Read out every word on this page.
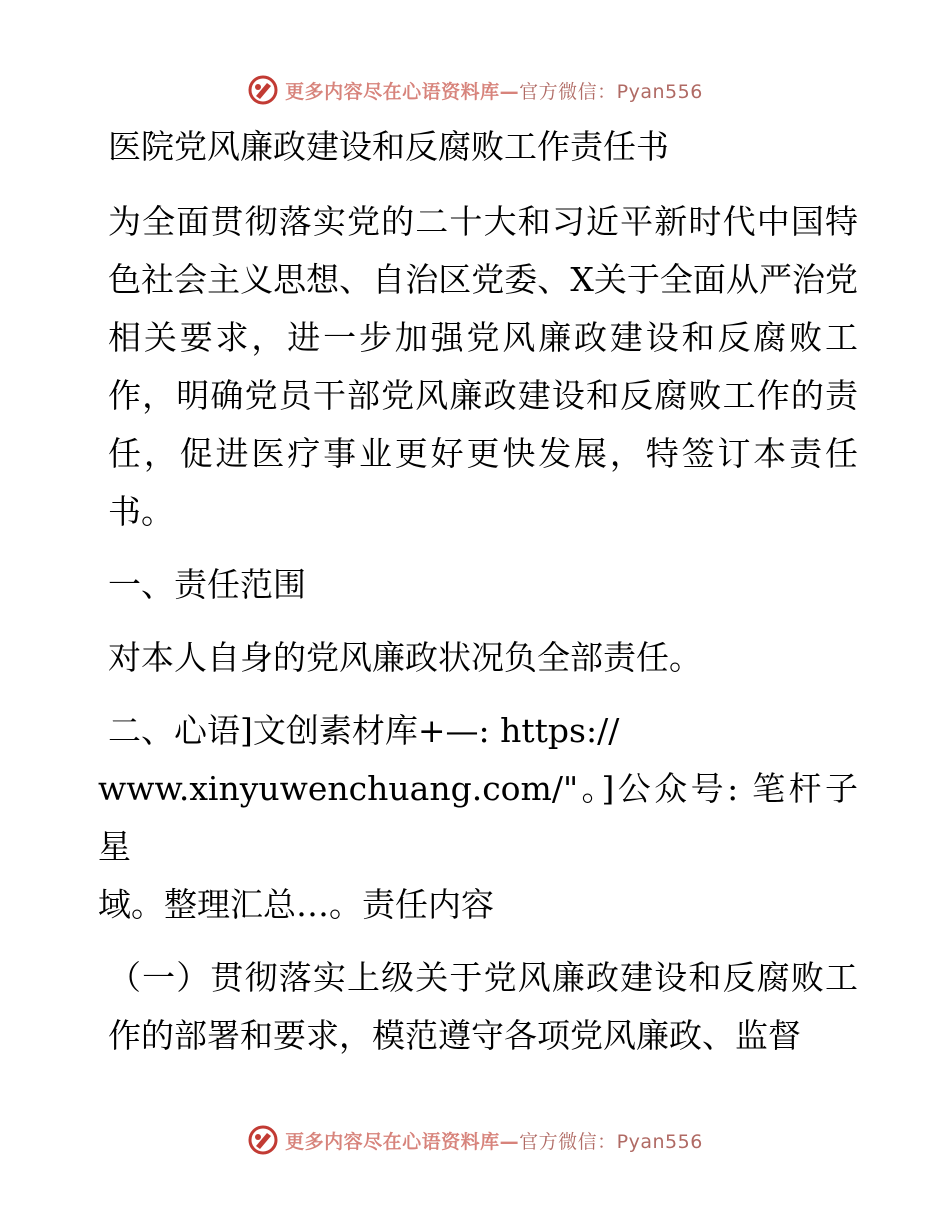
更多内容尽在心语资料库—官方微信：Pyan556
医院党风廉政建设和反腐败工作责任书

为全面贯彻落实党的二十大和习近平新时代中国特色社会主义思想、自治区党委、X关于全面从严治党相关要求，进一步加强党风廉政建设和反腐败工作，明确党员干部党风廉政建设和反腐败工作的责任，促进医疗事业更好更快发展，特签订本责任书。

一、责任范围

对本人自身的党风廉政状况负全部责任。

二、心语]文创素材库+—: https://
www.xinyuwenchuang.com/"。]公众号: 笔杆子星
域。整理汇总…。责任内容

（一）贯彻落实上级关于党风廉政建设和反腐败工作的部署和要求，模范遵守各项党风廉政、监督

更多内容尽在心语资料库—官方微信：Pyan556
